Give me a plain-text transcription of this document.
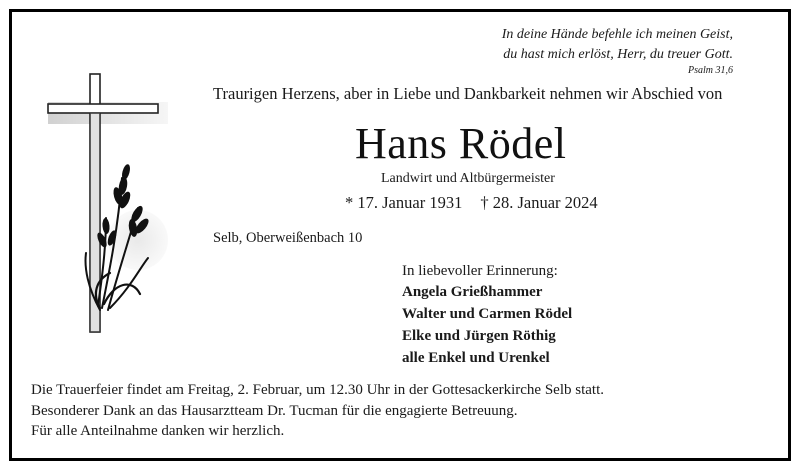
In deine Hände befehle ich meinen Geist,
du hast mich erlöst, Herr, du treuer Gott.
Psalm 31,6
Traurigen Herzens, aber in Liebe und Dankbarkeit nehmen wir Abschied von
Hans Rödel
Landwirt und Altbürgermeister
* 17. Januar 1931 † 28. Januar 2024
Selb, Oberweißenbach 10
In liebevoller Erinnerung:
Angela Grießhammer
Walter und Carmen Rödel
Elke und Jürgen Röthig
alle Enkel und Urenkel
Die Trauerfeier findet am Freitag, 2. Februar, um 12.30 Uhr in der Gottesackerkirche Selb statt.
Besonderer Dank an das Hausarztteam Dr. Tucman für die engagierte Betreuung.
Für alle Anteilnahme danken wir herzlich.
